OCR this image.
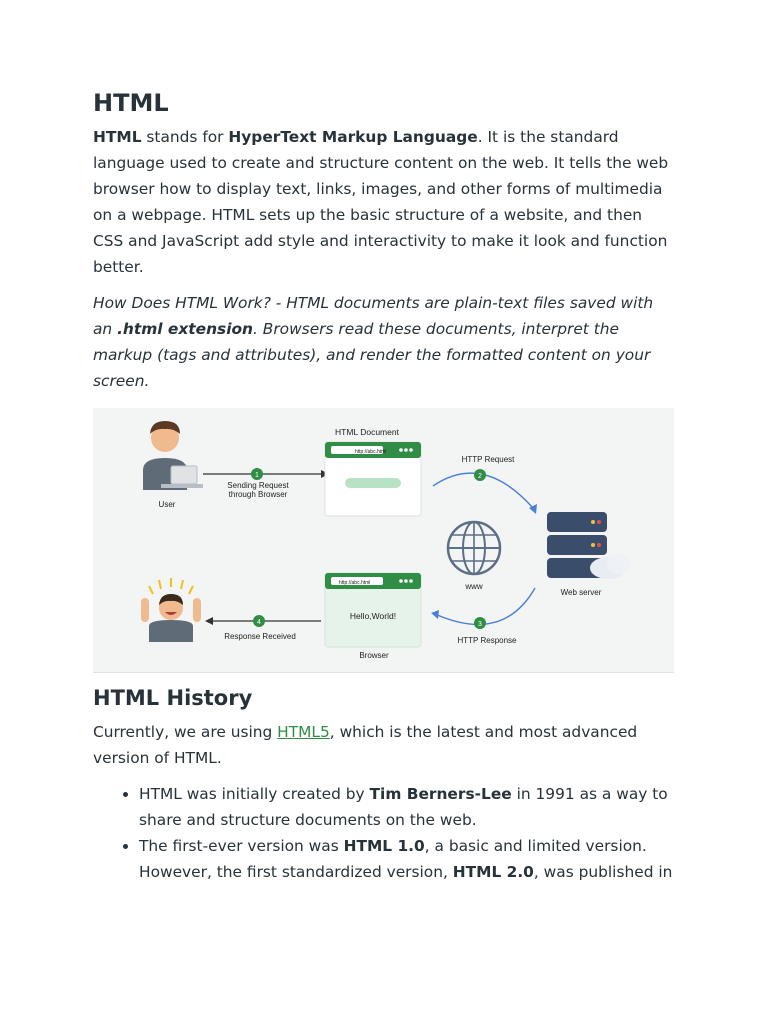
HTML

HTML stands for HyperText Markup Language. It is the standard language used to create and structure content on the web. It tells the web browser how to display text, links, images, and other forms of multimedia on a webpage. HTML sets up the basic structure of a website, and then CSS and JavaScript add style and interactivity to make it look and function better.

How Does HTML Work? - HTML documents are plain-text files saved with an .html extension. Browsers read these documents, interpret the markup (tags and attributes), and render the formatted content on your screen.

User
1
Sending Request
through Browser
HTML Document
http://abc.html
HTTP Request
2
www
Web server
3
HTTP Response
http://abc.html
Hello,World!
Browser
4
Response Received
HTML History

Currently, we are using HTML5, which is the latest and most advanced version of HTML.

• HTML was initially created by Tim Berners-Lee in 1991 as a way to share and structure documents on the web.
• The first-ever version was HTML 1.0, a basic and limited version. However, the first standardized version, HTML 2.0, was published in
